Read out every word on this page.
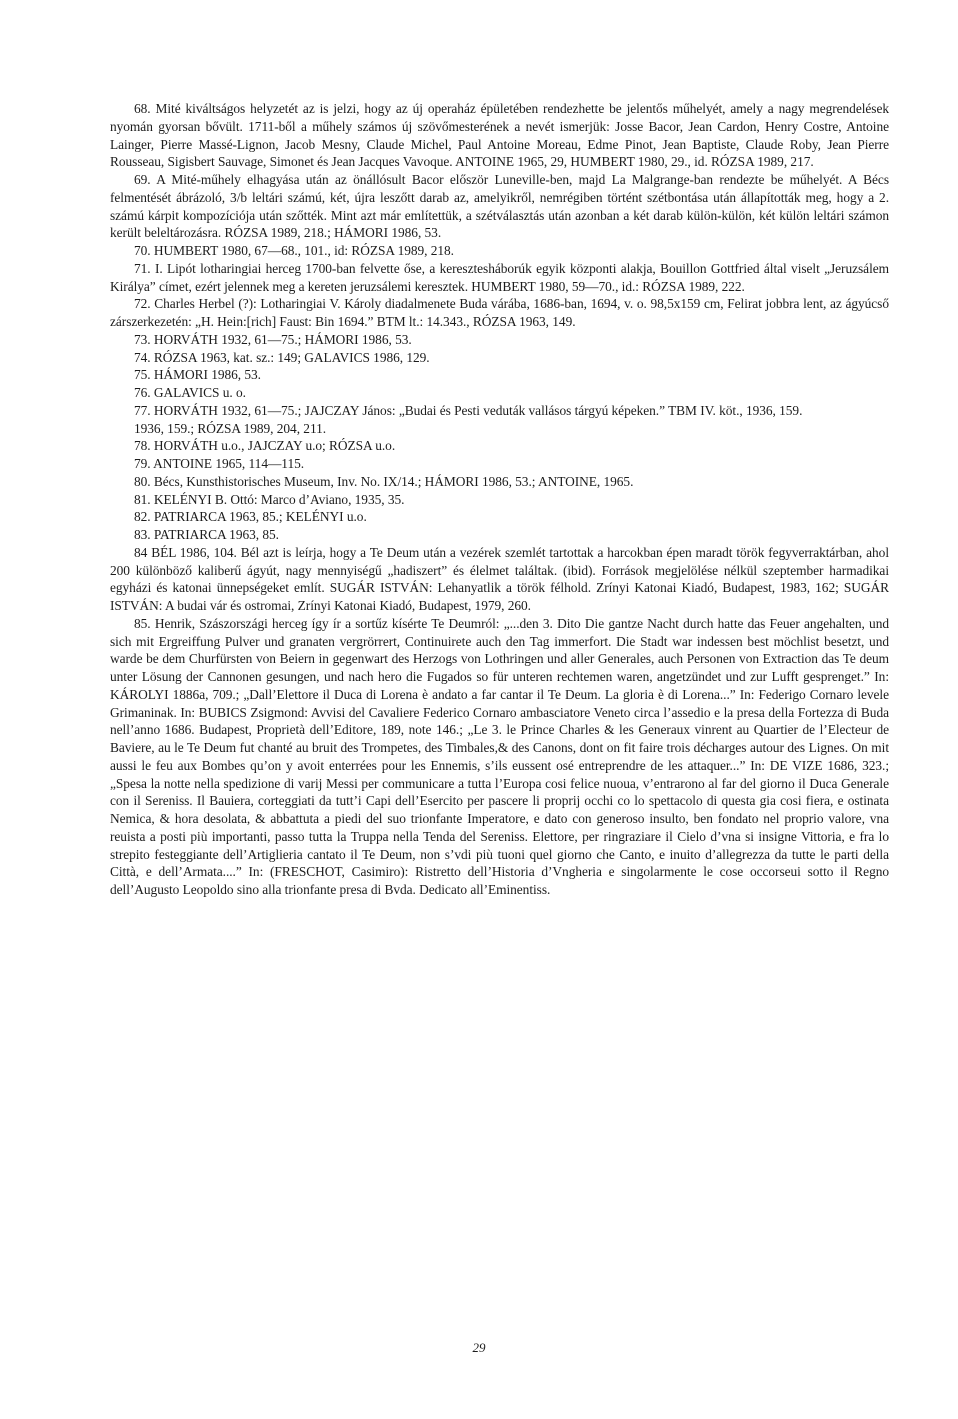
68. Mité kiváltságos helyzetét az is jelzi, hogy az új operaház épületében rendezhette be jelentős műhelyét, amely a nagy megrendelések nyomán gyorsan bővült. 1711-ből a műhely számos új szövőmesterének a nevét ismerjük: Josse Bacor, Jean Cardon, Henry Costre, Antoine Lainger, Pierre Massé-Lignon, Jacob Mesny, Claude Michel, Paul Antoine Moreau, Edme Pinot, Jean Baptiste, Claude Roby, Jean Pierre Rousseau, Sigisbert Sauvage, Simonet és Jean Jacques Vavoque. ANTOINE 1965, 29, HUMBERT 1980, 29., id. RÓZSA 1989, 217.

69. A Mité-műhely elhagyása után az önállósult Bacor először Luneville-ben, majd La Malgrange-ban rendezte be műhelyét. A Bécs felmentését ábrázoló, 3/b leltári számú, két, újra leszőtt darab az, amelyikről, nemrégiben történt szétbontása után állapították meg, hogy a 2. számú kárpit kompozíciója után szőtték. Mint azt már említettük, a szétválasztás után azonban a két darab külön-külön, két külön leltári számon került beleltározásra. RÓZSA 1989, 218.; HÁMORI 1986, 53.

70. HUMBERT 1980, 67—68., 101., id: RÓZSA 1989, 218.

71. I. Lipót lotharingiai herceg 1700-ban felvette őse, a keresztesháborúk egyik központi alakja, Bouillon Gottfried által viselt „Jeruzsálem Királya” címet, ezért jelennek meg a kereten jeruzsálemi keresztek. HUMBERT 1980, 59—70., id.: RÓZSA 1989, 222.

72. Charles Herbel (?): Lotharingiai V. Károly diadalmenete Buda várába, 1686-ban, 1694, v. o. 98,5x159 cm, Felirat jobbra lent, az ágyúcső zárszerkezetén: „H. Hein:[rich] Faust: Bin 1694.” BTM lt.: 14.343., RÓZSA 1963, 149.

73. HORVÁTH 1932, 61—75.; HÁMORI 1986, 53.

74. RÓZSA 1963, kat. sz.: 149; GALAVICS 1986, 129.

75. HÁMORI 1986, 53.

76. GALAVICS u. o.

77. HORVÁTH 1932, 61—75.; JAJCZAY János: „Budai és Pesti veduták vallásos tárgyú képeken.” TBM IV. köt., 1936, 159.

1936, 159.; RÓZSA 1989, 204, 211.

78. HORVÁTH u.o., JAJCZAY u.o; RÓZSA u.o.

79. ANTOINE 1965, 114—115.

80. Bécs, Kunsthistorisches Museum, Inv. No. IX/14.; HÁMORI 1986, 53.; ANTOINE, 1965.

81. KELÉNYI B. Ottó: Marco d’Aviano, 1935, 35.

82. PATRIARCA 1963, 85.; KELÉNYI u.o.

83. PATRIARCA 1963, 85.

84 BÉL 1986, 104. Bél azt is leírja, hogy a Te Deum után a vezérek szemlét tartottak a harcokban épen maradt török fegyverraktárban, ahol 200 különböző kaliberű ágyút, nagy mennyiségű „hadiszert” és élelmet találtak. (ibid). Források megjelölése nélkül szeptember harmadikai egyházi és katonai ünnepségeket említ. SUGÁR ISTVÁN: Lehanyatlik a török félhold. Zrínyi Katonai Kiadó, Budapest, 1983, 162; SUGÁR ISTVÁN: A budai vár és ostromai, Zrínyi Katonai Kiadó, Budapest, 1979, 260.

85. Henrik, Szászországi herceg így ír a sortűz kísérte Te Deumról: „...den 3. Dito Die gantze Nacht durch hatte das Feuer angehalten, und sich mit Ergreiffung Pulver und granaten vergrörrert, Continuirete auch den Tag immerfort. Die Stadt war indessen best möchlist besetzt, und warde be dem Churfürsten von Beiern in gegenwart des Herzogs von Lothringen und aller Generales, auch Personen von Extraction das Te deum unter Lösung der Cannonen gesungen, und nach hero die Fugados so für unteren rechtemen waren, angetzündet und zur Lufft gesprenget.” In: KÁROLYI 1886a, 709.; „Dall’Elettore il Duca di Lorena è andato a far cantar il Te Deum. La gloria è di Lorena...” In: Federigo Cornaro levele Grimaninak. In: BUBICS Zsigmond: Avvisi del Cavaliere Federico Cornaro ambasciatore Veneto circa l’assedio e la presa della Fortezza di Buda nell’anno 1686. Budapest, Proprietà dell’Editore, 189, note 146.; „Le 3. le Prince Charles & les Generaux vinrent au Quartier de l’Electeur de Baviere, au le Te Deum fut chanté au bruit des Trompetes, des Timbales,& des Canons, dont on fit faire trois décharges autour des Lignes. On mit aussi le feu aux Bombes qu’on y avoit enterrées pour les Ennemis, s’ils eussent osé entreprendre de les attaquer...” In: DE VIZE 1686, 323.; „Spesa la notte nella spedizione di varij Messi per communicare a tutta l’Europa cosi felice nuoua, v’entrarono al far del giorno il Duca Generale con il Sereniss. Il Bauiera, corteggiati da tutt’i Capi dell’Esercito per pascere li proprij occhi co lo spettacolo di questa gia cosi fiera, e ostinata Nemica, & hora desolata, & abbattuta a piedi del suo trionfante Imperatore, e dato con generoso insulto, ben fondato nel proprio valore, vna reuista a posti più importanti, passo tutta la Truppa nella Tenda del Sereniss. Elettore, per ringraziare il Cielo d’vna si insigne Vittoria, e fra lo strepito festeggiante dell’Artiglieria cantato il Te Deum, non s’vdi più tuoni quel giorno che Canto, e inuito d’allegrezza da tutte le parti della Città, e dell’Armata....” In: (FRESCHOT, Casimiro): Ristretto dell’Historia d’Vngheria e singolarmente le cose occorseui sotto il Regno dell’Augusto Leopoldo sino alla trionfante presa di Bvda. Dedicato all’Eminentiss.

29
